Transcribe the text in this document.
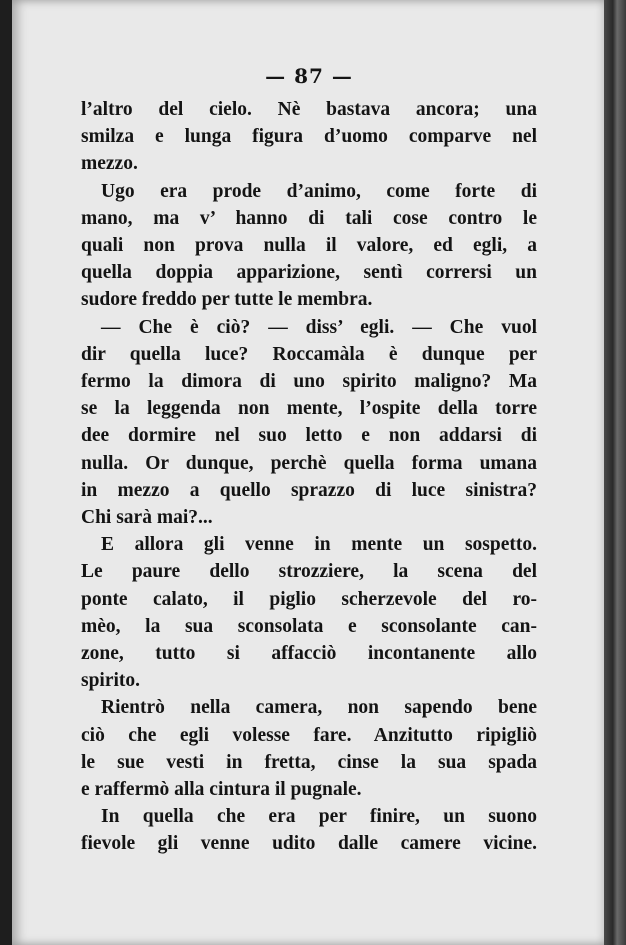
— 87 —

l’altro del cielo. Nè bastava ancora; una
smilza e lunga figura d’uomo comparve nel
mezzo.

Ugo era prode d’animo, come forte di
mano, ma v’ hanno di tali cose contro le
quali non prova nulla il valore, ed egli, a
quella doppia apparizione, sentì corrersi un
sudore freddo per tutte le membra.

— Che è ciò? — diss’ egli. — Che vuol
dir quella luce? Roccamàla è dunque per
fermo la dimora di uno spirito maligno? Ma
se la leggenda non mente, l’ospite della torre
dee dormire nel suo letto e non addarsi di
nulla. Or dunque, perchè quella forma umana
in mezzo a quello sprazzo di luce sinistra?
Chi sarà mai?...

E allora gli venne in mente un sospetto.
Le paure dello strozziere, la scena del
ponte calato, il piglio scherzevole del ro-
mèo, la sua sconsolata e sconsolante can-
zone, tutto si affacciò incontanente allo
spirito.

Rientrò nella camera, non sapendo bene
ciò che egli volesse fare. Anzitutto ripigliò
le sue vesti in fretta, cinse la sua spada
e raffermò alla cintura il pugnale.

In quella che era per finire, un suono
fievole gli venne udito dalle camere vicine.
